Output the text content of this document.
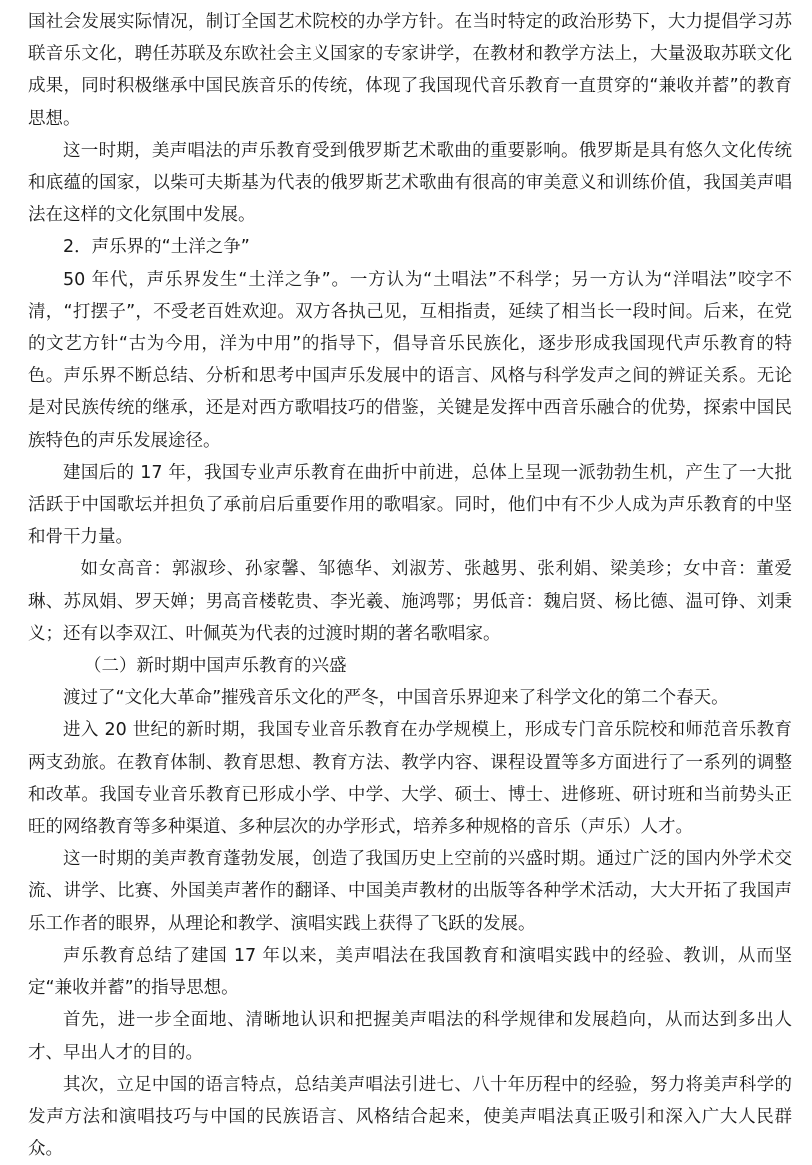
国社会发展实际情况，制订全国艺术院校的办学方针。在当时特定的政治形势下，大力提倡学习苏联音乐文化，聘任苏联及东欧社会主义国家的专家讲学，在教材和教学方法上，大量汲取苏联文化成果，同时积极继承中国民族音乐的传统，体现了我国现代音乐教育一直贯穿的“兼收并蓄”的教育思想。

这一时期，美声唱法的声乐教育受到俄罗斯艺术歌曲的重要影响。俄罗斯是具有悠久文化传统和底蕴的国家，以柴可夫斯基为代表的俄罗斯艺术歌曲有很高的审美意义和训练价值，我国美声唱法在这样的文化氛围中发展。

2．声乐界的“土洋之争”

50 年代，声乐界发生“土洋之争”。一方认为“土唱法”不科学；另一方认为“洋唱法”咬字不清，“打摆子”，不受老百姓欢迎。双方各执己见，互相指责，延续了相当长一段时间。后来，在党的文艺方针“古为今用，洋为中用”的指导下，倡导音乐民族化，逐步形成我国现代声乐教育的特色。声乐界不断总结、分析和思考中国声乐发展中的语言、风格与科学发声之间的辨证关系。无论是对民族传统的继承，还是对西方歌唱技巧的借鉴，关键是发挥中西音乐融合的优势，探索中国民族特色的声乐发展途径。

建国后的 17 年，我国专业声乐教育在曲折中前进，总体上呈现一派勃勃生机，产生了一大批活跃于中国歌坛并担负了承前启后重要作用的歌唱家。同时，他们中有不少人成为声乐教育的中坚和骨干力量。

如女高音：郭淑珍、孙家馨、邹德华、刘淑芳、张越男、张利娟、梁美珍；女中音：董爱琳、苏凤娟、罗天婵；男高音楼乾贵、李光羲、施鸿鄂；男低音：魏启贤、杨比德、温可铮、刘秉义；还有以李双江、叶佩英为代表的过渡时期的著名歌唱家。

（二）新时期中国声乐教育的兴盛

渡过了“文化大革命”摧残音乐文化的严冬，中国音乐界迎来了科学文化的第二个春天。

进入 20 世纪的新时期，我国专业音乐教育在办学规模上，形成专门音乐院校和师范音乐教育两支劲旅。在教育体制、教育思想、教育方法、教学内容、课程设置等多方面进行了一系列的调整和改革。我国专业音乐教育已形成小学、中学、大学、硕士、博士、进修班、研讨班和当前势头正旺的网络教育等多种渠道、多种层次的办学形式，培养多种规格的音乐（声乐）人才。

这一时期的美声教育蓬勃发展，创造了我国历史上空前的兴盛时期。通过广泛的国内外学术交流、讲学、比赛、外国美声著作的翻译、中国美声教材的出版等各种学术活动，大大开拓了我国声乐工作者的眼界，从理论和教学、演唱实践上获得了飞跃的发展。

声乐教育总结了建国 17 年以来，美声唱法在我国教育和演唱实践中的经验、教训，从而坚定“兼收并蓄”的指导思想。

首先，进一步全面地、清晰地认识和把握美声唱法的科学规律和发展趋向，从而达到多出人才、早出人才的目的。

其次，立足中国的语言特点，总结美声唱法引进七、八十年历程中的经验，努力将美声科学的发声方法和演唱技巧与中国的民族语言、风格结合起来，使美声唱法真正吸引和深入广大人民群众。
